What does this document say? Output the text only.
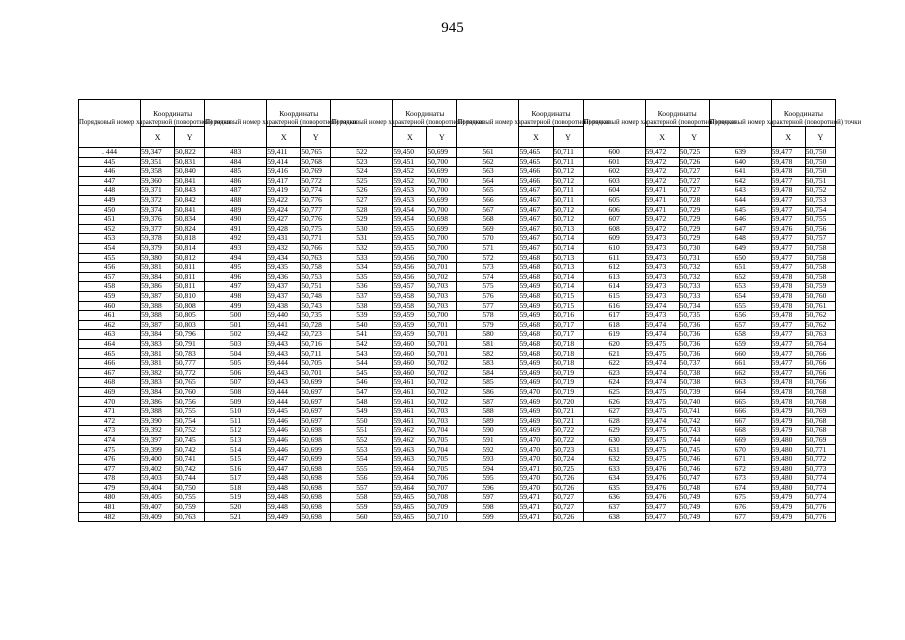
945
Порядковый номер характерной (поворотной) точки	Координаты		Порядковый номер характерной (поворотной) точки	Координаты		Порядковый номер характерной (поворотной) точки	Координаты		Порядковый номер характерной (поворотной) точки	Координаты		Порядковый номер характерной (поворотной) точки	Координаты		Порядковый номер характерной (поворотной) точки	Координаты	
	X	Y		X	Y		X	Y		X	Y		X	Y		X	Y
. 444	59,347	50,822	483	59,411	50,765	522	59,450	50,699	561	59,465	50,711	600	59,472	50,725	639	59,477	50,750
445	59,351	50,831	484	59,414	50,768	523	59,451	50,700	562	59,465	50,711	601	59,472	50,726	640	59,478	50,750
446	59,358	50,840	485	59,416	50,769	524	59,452	50,699	563	59,466	50,712	602	59,472	50,727	641	59,478	50,750
447	59,360	50,841	486	59,417	50,772	525	59,452	50,700	564	59,466	50,712	603	59,472	50,727	642	59,477	50,751
448	59,371	50,843	487	59,419	50,774	526	59,453	50,700	565	59,467	50,711	604	59,471	50,727	643	59,478	50,752
449	59,372	50,842	488	59,422	50,776	527	59,453	50,699	566	59,467	50,711	605	59,471	50,728	644	59,477	50,753
450	59,374	50,841	489	59,424	50,777	528	59,454	50,700	567	59,467	50,712	606	59,471	50,729	645	59,477	50,754
451	59,376	50,834	490	59,427	50,776	529	59,454	50,698	568	59,467	50,712	607	59,472	50,729	646	59,477	50,755
452	59,377	50,824	491	59,428	50,775	530	59,455	50,699	569	59,467	50,713	608	59,472	50,729	647	59,476	50,756
453	59,378	50,818	492	59,431	50,771	531	59,455	50,700	570	59,467	50,714	609	59,473	50,729	648	59,477	50,757
454	59,379	50,814	493	59,432	50,766	532	59,455	50,700	571	59,467	50,714	610	59,473	50,730	649	59,477	50,758
455	59,380	50,812	494	59,434	50,763	533	59,456	50,700	572	59,468	50,713	611	59,473	50,731	650	59,477	50,758
456	59,381	50,811	495	59,435	50,758	534	59,456	50,701	573	59,468	50,713	612	59,473	50,732	651	59,477	50,758
457	59,384	50,811	496	59,436	50,753	535	59,456	50,702	574	59,468	50,714	613	59,473	50,732	652	59,478	50,758
458	59,386	50,811	497	59,437	50,751	536	59,457	50,703	575	59,469	50,714	614	59,473	50,733	653	59,478	50,759
459	59,387	50,810	498	59,437	50,748	537	59,458	50,703	576	59,468	50,715	615	59,473	50,733	654	59,478	50,760
460	59,388	50,808	499	59,438	50,743	538	59,458	50,703	577	59,469	50,715	616	59,474	50,734	655	59,478	50,761
461	59,388	50,805	500	59,440	50,735	539	59,459	50,700	578	59,469	50,716	617	59,473	50,735	656	59,478	50,762
462	59,387	50,803	501	59,441	50,728	540	59,459	50,701	579	59,468	50,717	618	59,474	50,736	657	59,477	50,762
463	59,384	50,796	502	59,442	50,723	541	59,459	50,701	580	59,468	50,717	619	59,474	50,736	658	59,477	50,763
464	59,383	50,791	503	59,443	50,716	542	59,460	50,701	581	59,468	50,718	620	59,475	50,736	659	59,477	50,764
465	59,381	50,783	504	59,443	50,711	543	59,460	50,701	582	59,468	50,718	621	59,475	50,736	660	59,477	50,766
466	59,381	50,777	505	59,444	50,705	544	59,460	50,702	583	59,469	50,718	622	59,474	50,737	661	59,477	50,766
467	59,382	50,772	506	59,443	50,701	545	59,460	50,702	584	59,469	50,719	623	59,474	50,738	662	59,477	50,766
468	59,383	50,765	507	59,443	50,699	546	59,461	50,702	585	59,469	50,719	624	59,474	50,738	663	59,478	50,766
469	59,384	50,760	508	59,444	50,697	547	59,461	50,702	586	59,470	50,719	625	59,475	50,739	664	59,478	50,768
470	59,386	50,756	509	59,444	50,697	548	59,461	50,702	587	59,469	50,720	626	59,475	50,740	665	59,478	50,768
471	59,388	50,755	510	59,445	50,697	549	59,461	50,703	588	59,469	50,721	627	59,475	50,741	666	59,479	50,769
472	59,390	50,754	511	59,446	50,697	550	59,461	50,703	589	59,469	50,721	628	59,474	50,742	667	59,479	50,768
473	59,392	50,752	512	59,446	50,698	551	59,462	50,704	590	59,469	50,722	629	59,475	50,743	668	59,479	50,768
474	59,397	50,745	513	59,446	50,698	552	59,462	50,705	591	59,470	50,722	630	59,475	50,744	669	59,480	50,769
475	59,399	50,742	514	59,446	50,699	553	59,463	50,704	592	59,470	50,723	631	59,475	50,745	670	59,480	50,771
476	59,400	50,741	515	59,447	50,699	554	59,463	50,705	593	59,470	50,724	632	59,475	50,746	671	59,480	50,772
477	59,402	50,742	516	59,447	50,698	555	59,464	50,705	594	59,471	50,725	633	59,476	50,746	672	59,480	50,773
478	59,403	50,744	517	59,448	50,698	556	59,464	50,706	595	59,470	50,726	634	59,476	50,747	673	59,480	50,774
479	59,404	50,750	518	59,448	50,698	557	59,464	50,707	596	59,470	50,726	635	59,476	50,748	674	59,480	50,774
480	59,405	50,755	519	59,448	50,698	558	59,465	50,708	597	59,471	50,727	636	59,476	50,749	675	59,479	50,774
481	59,407	50,759	520	59,448	50,698	559	59,465	50,709	598	59,471	50,727	637	59,477	50,749	676	59,479	50,776
482	59,409	50,763	521	59,449	50,698	560	59,465	50,710	599	59,471	50,726	638	59,477	50,749	677	59,479	50,776
